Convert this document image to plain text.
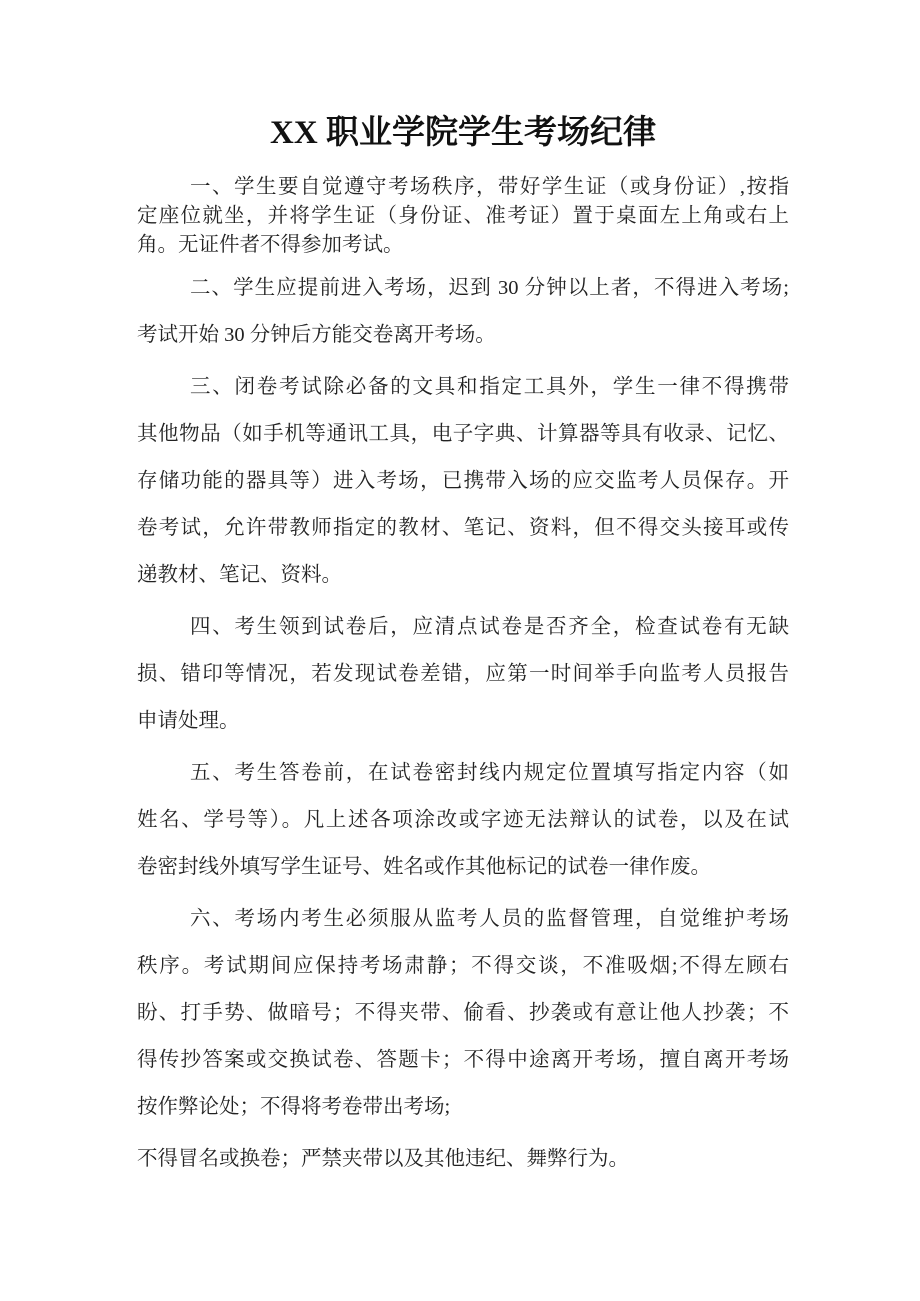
XX 职业学院学生考场纪律
一、学生要自觉遵守考场秩序，带好学生证（或身份证）,按指
定座位就坐，并将学生证（身份证、准考证）置于桌面左上角或右上
角。无证件者不得参加考试。
二、学生应提前进入考场，迟到 30 分钟以上者，不得进入考场;
考试开始 30 分钟后方能交卷离开考场。
三、闭卷考试除必备的文具和指定工具外，学生一律不得携带
其他物品（如手机等通讯工具，电子字典、计算器等具有收录、记忆、
存储功能的器具等）进入考场，已携带入场的应交监考人员保存。开
卷考试，允许带教师指定的教材、笔记、资料，但不得交头接耳或传
递教材、笔记、资料。
四、考生领到试卷后，应清点试卷是否齐全，检查试卷有无缺
损、错印等情况，若发现试卷差错，应第一时间举手向监考人员报告
申请处理。
五、考生答卷前，在试卷密封线内规定位置填写指定内容（如
姓名、学号等）。凡上述各项涂改或字迹无法辩认的试卷，以及在试
卷密封线外填写学生证号、姓名或作其他标记的试卷一律作废。
六、考场内考生必须服从监考人员的监督管理，自觉维护考场
秩序。考试期间应保持考场肃静；不得交谈，不准吸烟;不得左顾右
盼、打手势、做暗号；不得夹带、偷看、抄袭或有意让他人抄袭；不
得传抄答案或交换试卷、答题卡；不得中途离开考场，擅自离开考场
按作弊论处；不得将考卷带出考场;
不得冒名或换卷；严禁夹带以及其他违纪、舞弊行为。
